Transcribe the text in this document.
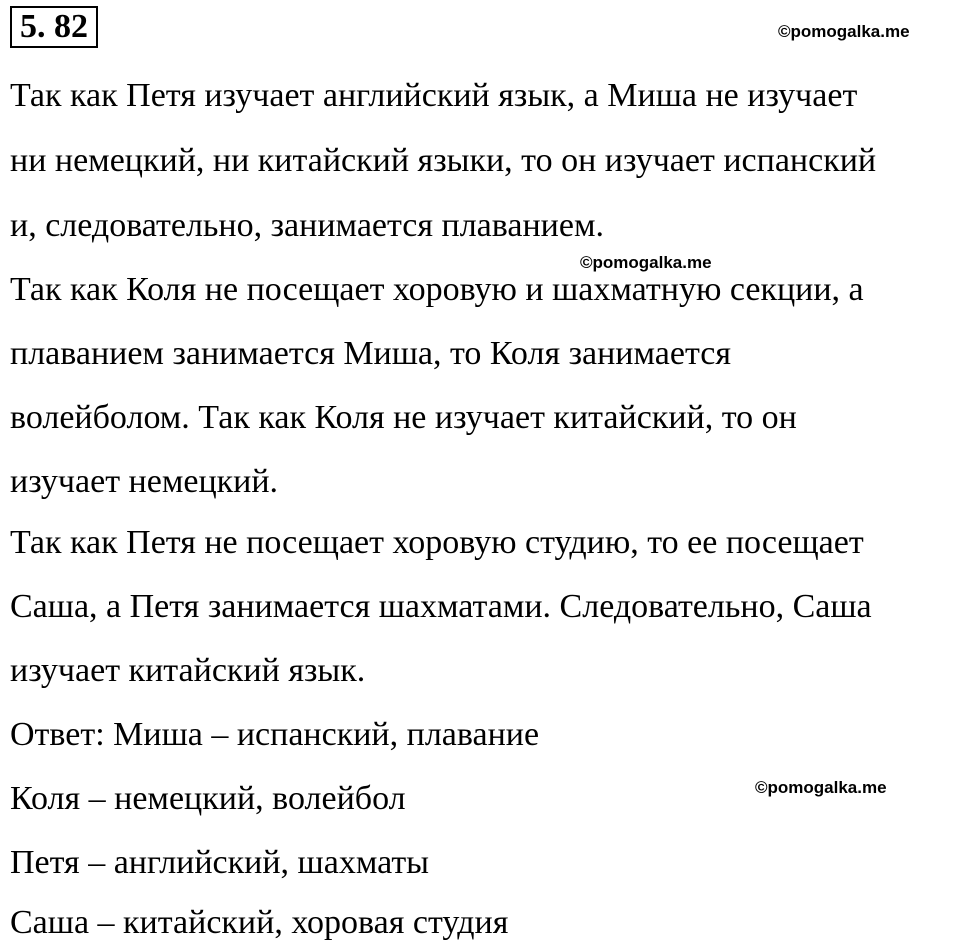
5. 82	©pomogalka.me
©pomogalka.me
©pomogalka.me
Так как Петя изучает английский язык, а Миша не изучает
ни немецкий, ни китайский языки, то он изучает испанский
и, следовательно, занимается плаванием.
Так как Коля не посещает хоровую и шахматную секции, а
плаванием занимается Миша, то Коля занимается
волейболом. Так как Коля не изучает китайский, то он
изучает немецкий.
Так как Петя не посещает хоровую студию, то ее посещает
Саша, а Петя занимается шахматами. Следовательно, Саша
изучает китайский язык.
Ответ: Миша – испанский, плавание
Коля – немецкий, волейбол
Петя – английский, шахматы
Саша – китайский, хоровая студия
